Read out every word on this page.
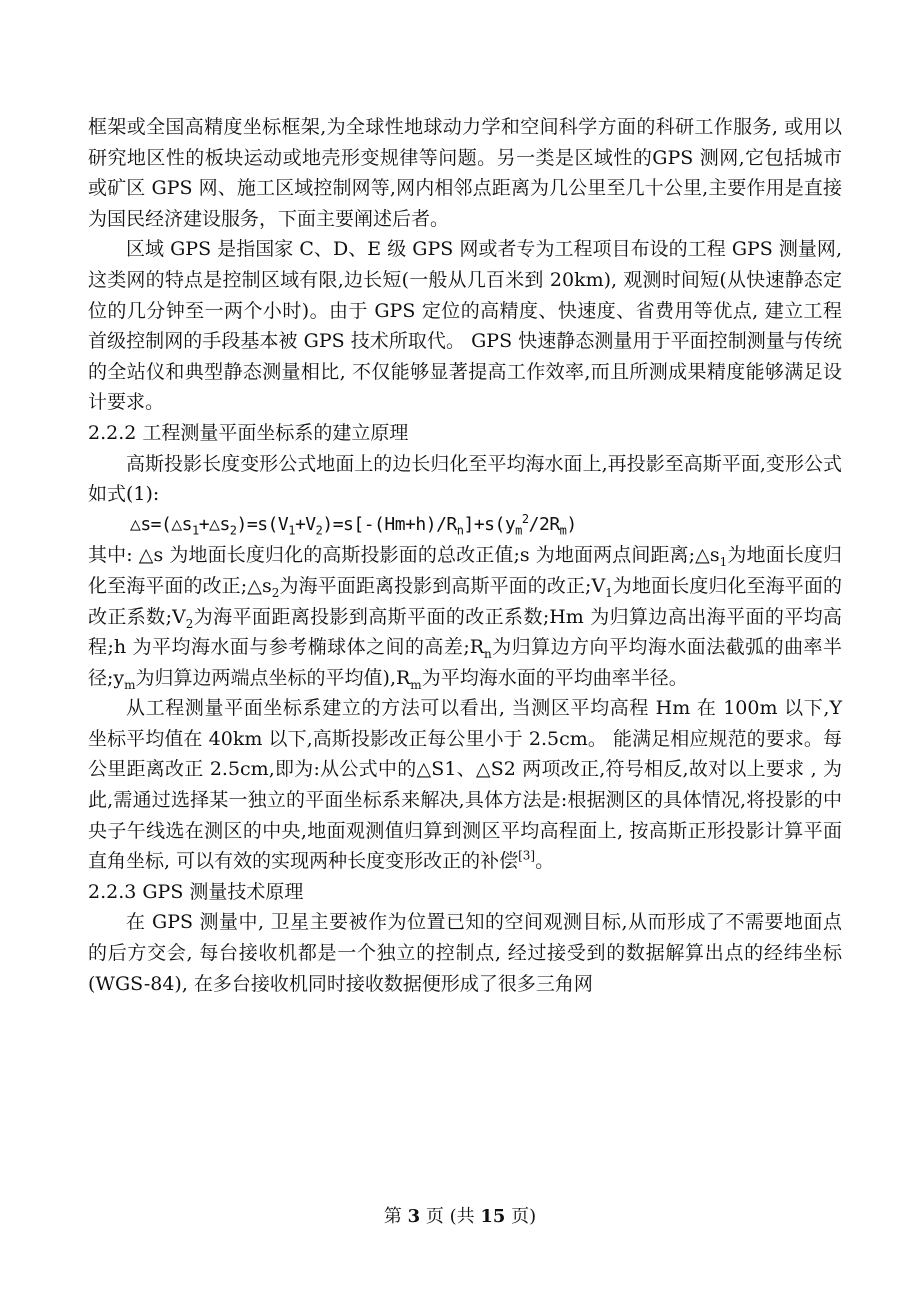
框架或全国高精度坐标框架,为全球性地球动力学和空间科学方面的科研工作服务, 或用以研究地区性的板块运动或地壳形变规律等问题。另一类是区域性的GPS 测网,它包括城市或矿区 GPS 网、施工区域控制网等,网内相邻点距离为几公里至几十公里,主要作用是直接为国民经济建设服务，下面主要阐述后者。

区域 GPS 是指国家 C、D、E 级 GPS 网或者专为工程项目布设的工程 GPS 测量网,这类网的特点是控制区域有限,边长短(一般从几百米到 20km), 观测时间短(从快速静态定位的几分钟至一两个小时)。由于 GPS 定位的高精度、快速度、省费用等优点, 建立工程首级控制网的手段基本被 GPS 技术所取代。 GPS 快速静态测量用于平面控制测量与传统的全站仪和典型静态测量相比, 不仅能够显著提高工作效率,而且所测成果精度能够满足设计要求。

2.2.2 工程测量平面坐标系的建立原理

高斯投影长度变形公式地面上的边长归化至平均海水面上,再投影至高斯平面,变形公式如式(1):

$\triangle s=(\triangle s_1+\triangle s_2)=s(V_1+V_2)=s[-(Hm+h)/R_n]+s(y_m^2/2R_m)$

其中: △s 为地面长度归化的高斯投影面的总改正值;s 为地面两点间距离$;\triangle s_1$为地面长度归化至海平面的改正$;\triangle s_2$为海平面距离投影到高斯平面的改正$;V_1$为地面长度归化至海平面的改正系数$;V_2$为海平面距离投影到高斯平面的改正系数;Hm 为归算边高出海平面的平均高程;h 为平均海水面与参考椭球体之间的高差$;R_n$为归算边方向平均海水面法截弧的曲率半径$;y_m$为归算边两端点坐标的平均值)$,R_m$为平均海水面的平均曲率半径。

从工程测量平面坐标系建立的方法可以看出, 当测区平均高程 Hm 在 100m 以下,Y 坐标平均值在 40km 以下,高斯投影改正每公里小于 2.5cm。 能满足相应规范的要求。每公里距离改正 2.5cm,即为:从公式中的△S1、△S2 两项改正,符号相反,故对以上要求 , 为此,需通过选择某一独立的平面坐标系来解决,具体方法是:根据测区的具体情况,将投影的中央子午线选在测区的中央,地面观测值归算到测区平均高程面上, 按高斯正形投影计算平面直角坐标, 可以有效的实现两种长度变形改正的补偿[3]。

2.2.3 GPS 测量技术原理

在 GPS 测量中, 卫星主要被作为位置已知的空间观测目标,从而形成了不需要地面点的后方交会, 每台接收机都是一个独立的控制点, 经过接受到的数据解算出点的经纬坐标(WGS-84), 在多台接收机同时接收数据便形成了很多三角网

第 3 页 (共 15 页)
